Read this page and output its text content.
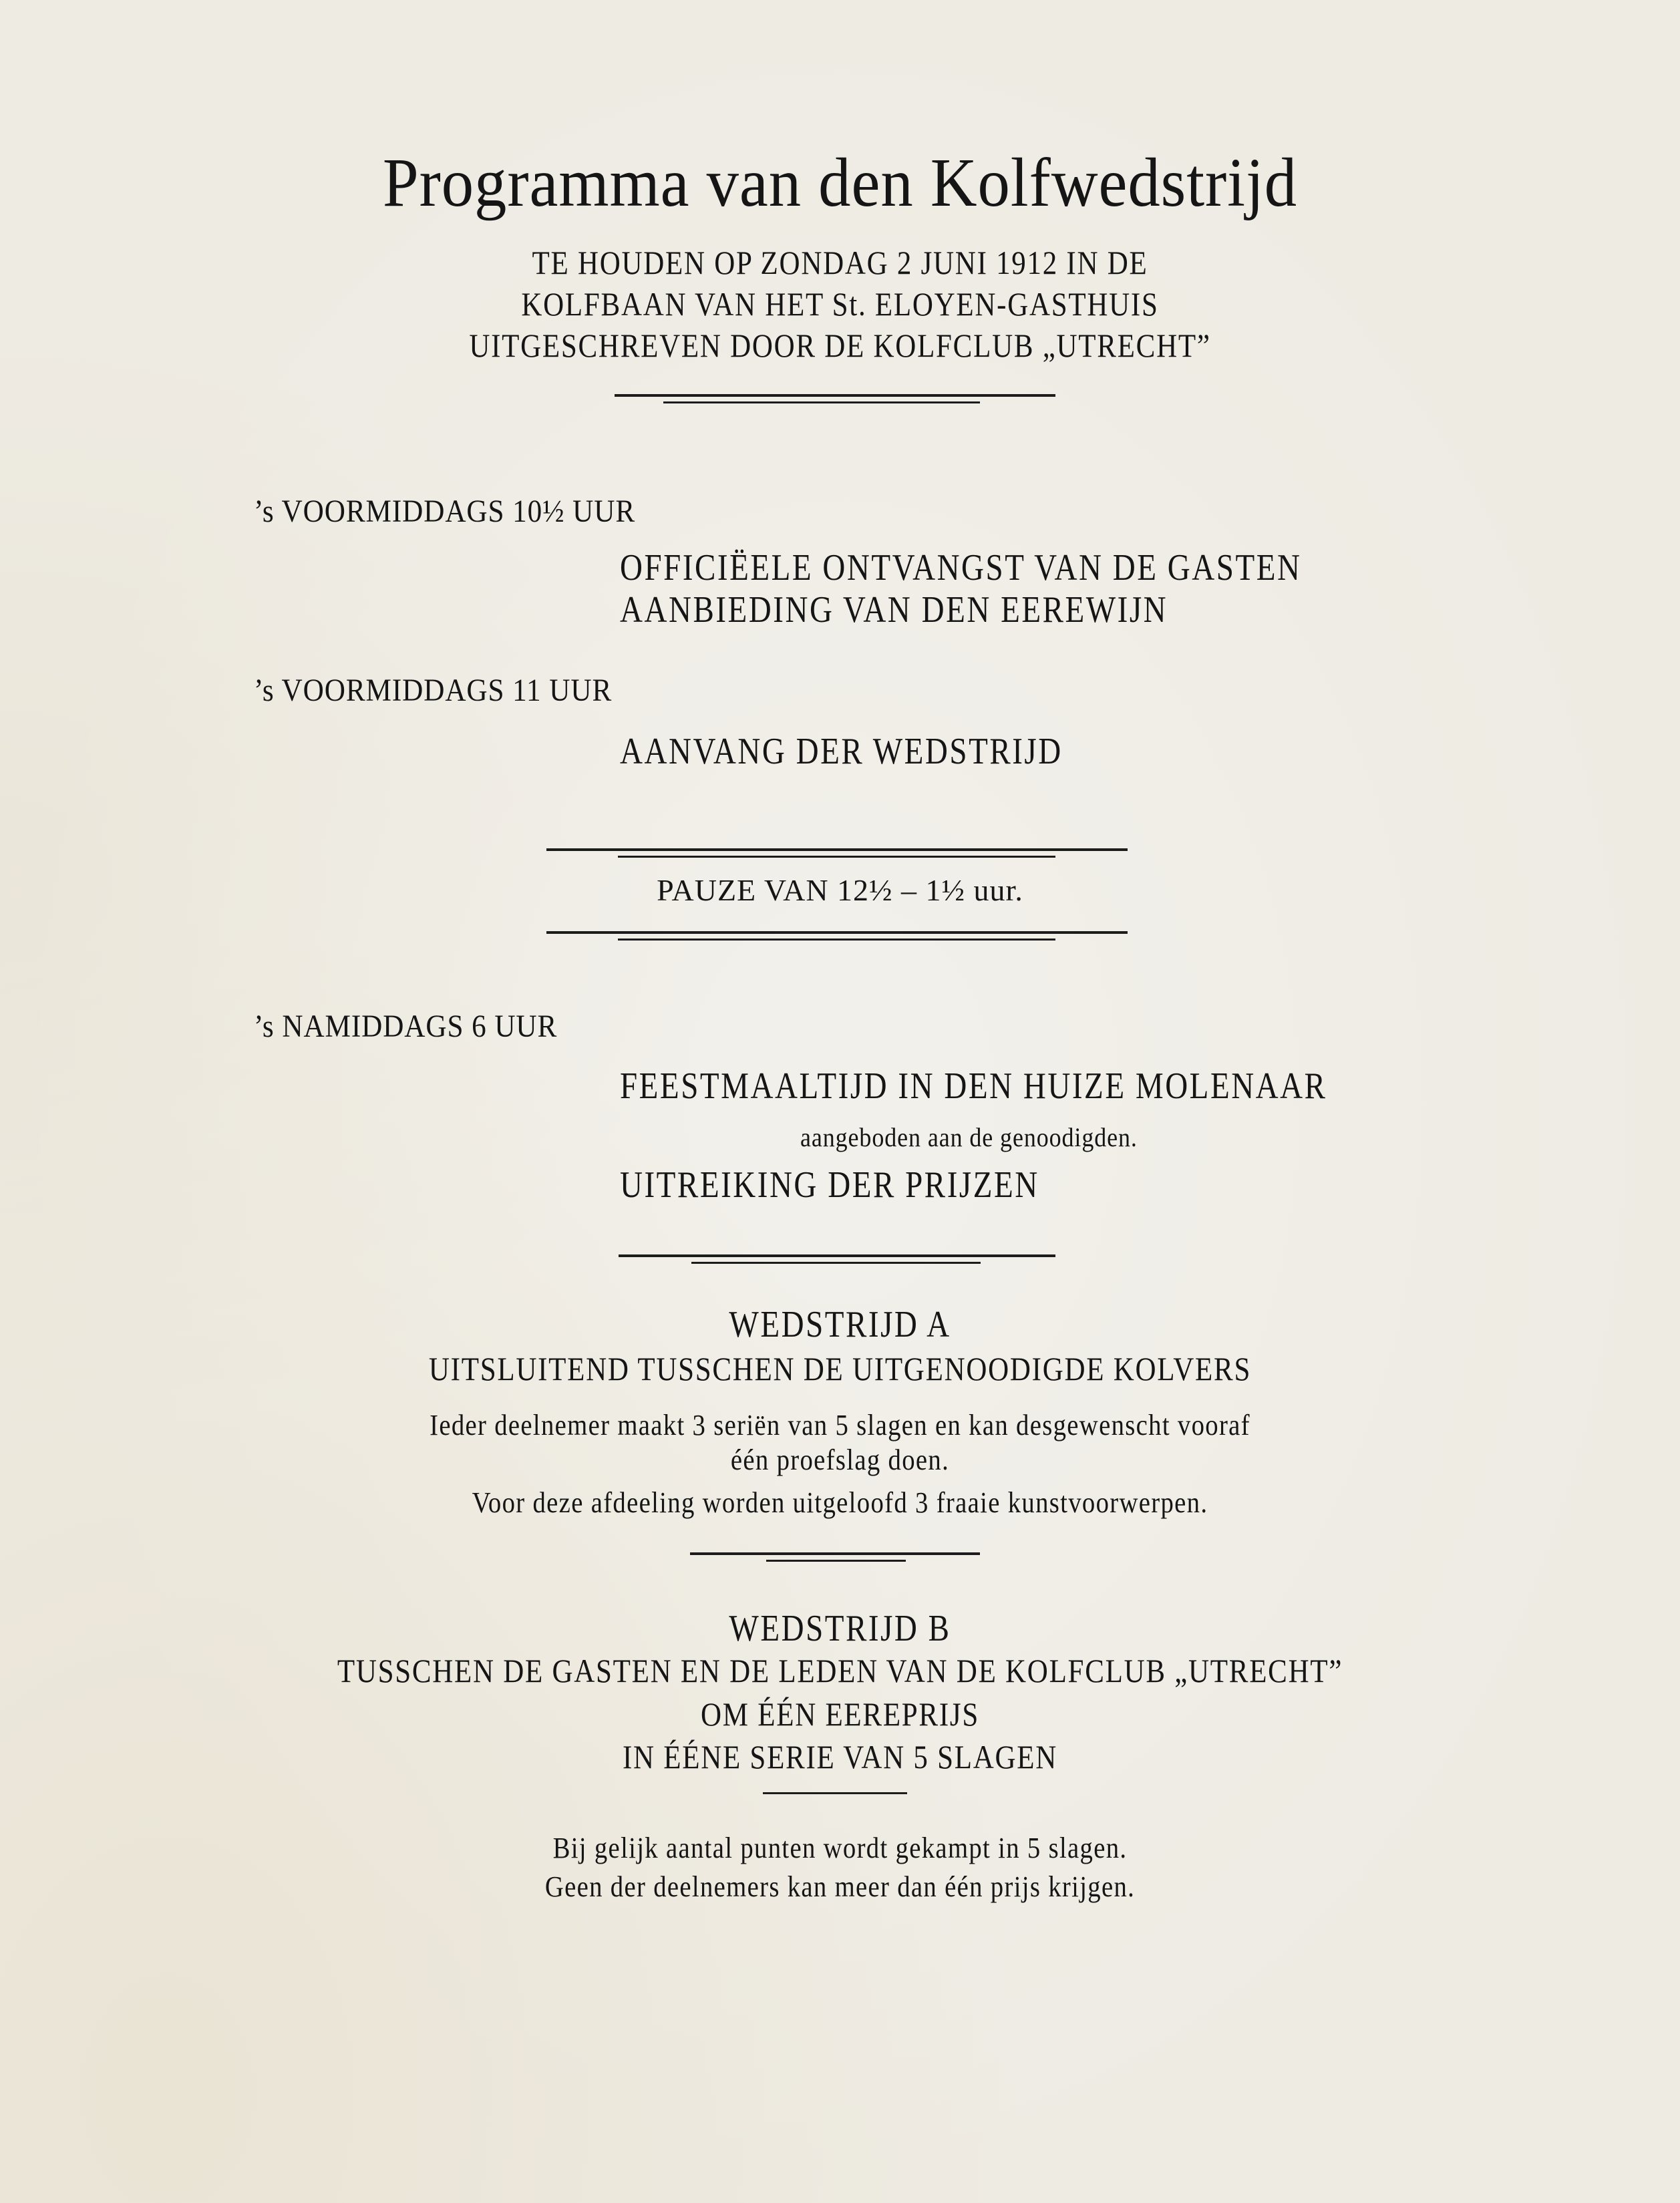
Programma van den Kolfwedstrijd
TE HOUDEN OP ZONDAG 2 JUNI 1912 IN DE
KOLFBAAN VAN HET St. ELOYEN-GASTHUIS
UITGESCHREVEN DOOR DE KOLFCLUB „UTRECHT”
’s VOORMIDDAGS 10½ UUR
OFFICIËELE ONTVANGST VAN DE GASTEN
AANBIEDING VAN DEN EEREWIJN
’s VOORMIDDAGS 11 UUR
AANVANG DER WEDSTRIJD
PAUZE VAN 12½ – 1½ uur.
’s NAMIDDAGS 6 UUR
FEESTMAALTIJD IN DEN HUIZE MOLENAAR
aangeboden aan de genoodigden.
UITREIKING DER PRIJZEN
WEDSTRIJD A
UITSLUITEND TUSSCHEN DE UITGENOODIGDE KOLVERS
Ieder deelnemer maakt 3 seriën van 5 slagen en kan desgewenscht vooraf
één proefslag doen.
Voor deze afdeeling worden uitgeloofd 3 fraaie kunstvoorwerpen.
WEDSTRIJD B
TUSSCHEN DE GASTEN EN DE LEDEN VAN DE KOLFCLUB „UTRECHT”
OM ÉÉN EEREPRIJS
IN ÉÉNE SERIE VAN 5 SLAGEN
Bij gelijk aantal punten wordt gekampt in 5 slagen.
Geen der deelnemers kan meer dan één prijs krijgen.
